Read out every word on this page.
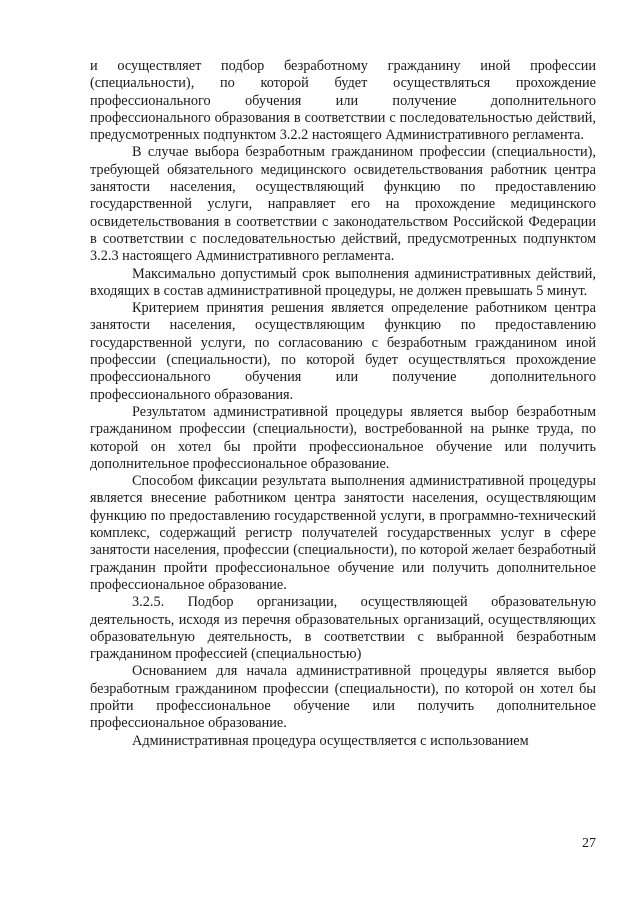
и осуществляет подбор безработному гражданину иной профессии (специальности), по которой будет осуществляться прохождение профессионального обучения или получение дополнительного профессионального образования в соответствии с последовательностью действий, предусмотренных подпунктом 3.2.2 настоящего Административного регламента.

В случае выбора безработным гражданином профессии (специальности), требующей обязательного медицинского освидетельствования работник центра занятости населения, осуществляющий функцию по предоставлению государственной услуги, направляет его на прохождение медицинского освидетельствования в соответствии с законодательством Российской Федерации в соответствии с последовательностью действий, предусмотренных подпунктом 3.2.3 настоящего Административного регламента.

Максимально допустимый срок выполнения административных действий, входящих в состав административной процедуры, не должен превышать 5 минут.

Критерием принятия решения является определение работником центра занятости населения, осуществляющим функцию по предоставлению государственной услуги, по согласованию с безработным гражданином иной профессии (специальности), по которой будет осуществляться прохождение профессионального обучения или получение дополнительного профессионального образования.

Результатом административной процедуры является выбор безработным гражданином профессии (специальности), востребованной на рынке труда, по которой он хотел бы пройти профессиональное обучение или получить дополнительное профессиональное образование.

Способом фиксации результата выполнения административной процедуры является внесение работником центра занятости населения, осуществляющим функцию по предоставлению государственной услуги, в программно-технический комплекс, содержащий регистр получателей государственных услуг в сфере занятости населения, профессии (специальности), по которой желает безработный гражданин пройти профессиональное обучение или получить дополнительное профессиональное образование.

3.2.5. Подбор организации, осуществляющей образовательную деятельность, исходя из перечня образовательных организаций, осуществляющих образовательную деятельность, в соответствии с выбранной безработным гражданином профессией (специальностью)

Основанием для начала административной процедуры является выбор безработным гражданином профессии (специальности), по которой он хотел бы пройти профессиональное обучение или получить дополнительное профессиональное образование.

Административная процедура осуществляется с использованием

27
